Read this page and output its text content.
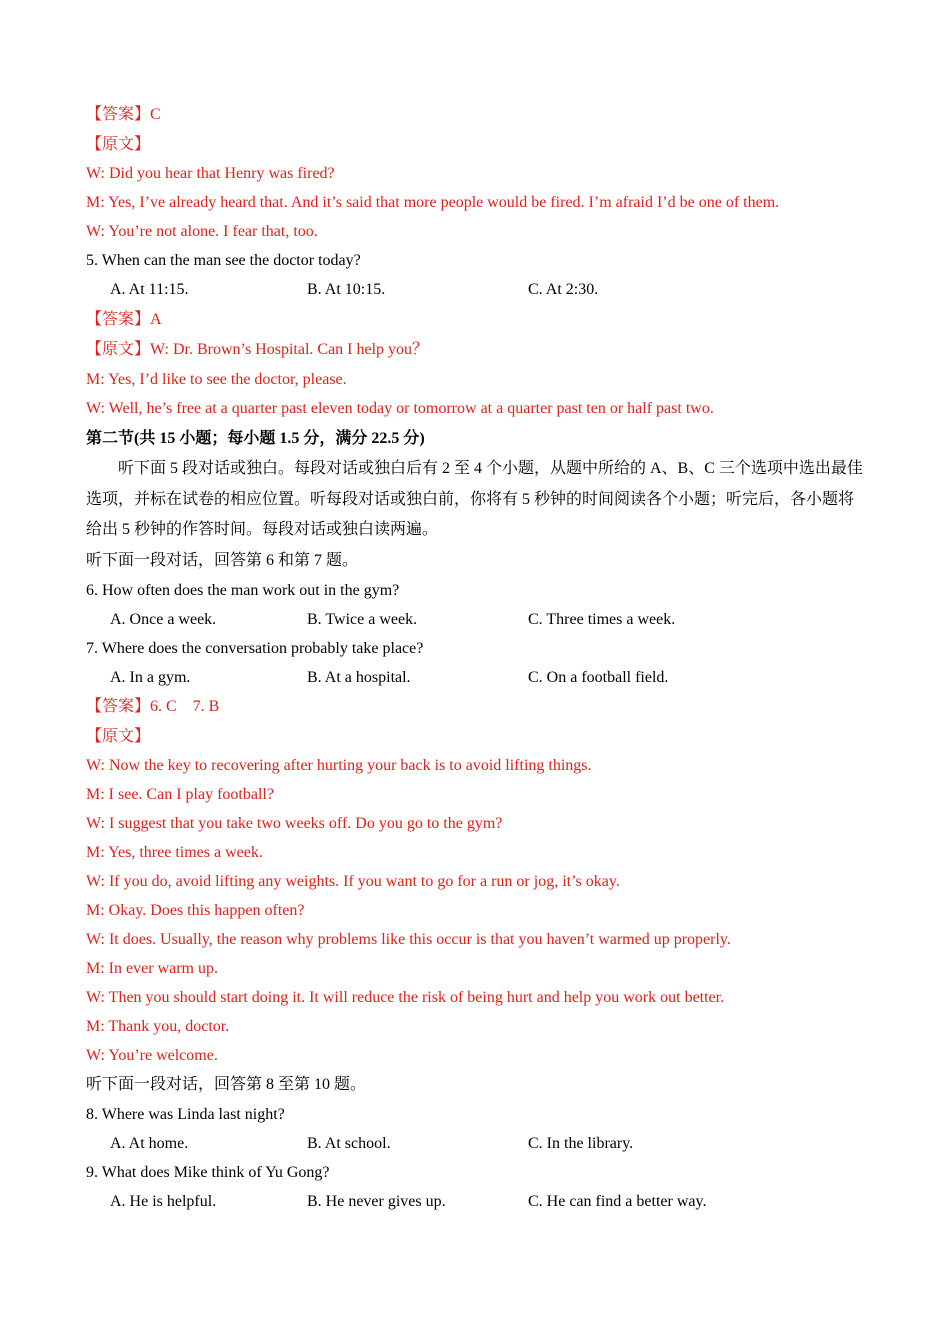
【答案】C
【原文】
W: Did you hear that Henry was fired?
M: Yes, I’ve already heard that. And it’s said that more people would be fired. I’m afraid I’d be one of them.
W: You’re not alone. I fear that, too.
5. When can the man see the doctor today?
A. At 11:15.	B. At 10:15.	C. At 2:30.
【答案】A
【原文】W: Dr. Brown’s Hospital. Can I help you？
M: Yes, I’d like to see the doctor, please.
W: Well, he’s free at a quarter past eleven today or tomorrow at a quarter past ten or half past two.
第二节(共 15 小题；每小题 1.5 分，满分 22.5 分)
听下面 5 段对话或独白。每段对话或独白后有 2 至 4 个小题，从题中所给的 A、B、C 三个选项中选出最佳选项，并标在试卷的相应位置。听每段对话或独白前，你将有 5 秒钟的时间阅读各个小题；听完后，各小题将给出 5 秒钟的作答时间。每段对话或独白读两遍。
听下面一段对话，回答第 6 和第 7 题。
6. How often does the man work out in the gym?
A. Once a week.	B. Twice a week.	C. Three times a week.
7. Where does the conversation probably take place?
A. In a gym.	B. At a hospital.	C. On a football field.
【答案】6. C    7. B
【原文】
W: Now the key to recovering after hurting your back is to avoid lifting things.
M: I see. Can I play football?
W: I suggest that you take two weeks off. Do you go to the gym?
M: Yes, three times a week.
W: If you do, avoid lifting any weights. If you want to go for a run or jog, it’s okay.
M: Okay. Does this happen often?
W: It does. Usually, the reason why problems like this occur is that you haven’t warmed up properly.
M: In ever warm up.
W: Then you should start doing it. It will reduce the risk of being hurt and help you work out better.
M: Thank you, doctor.
W: You’re welcome.
听下面一段对话，回答第 8 至第 10 题。
8. Where was Linda last night?
A. At home.	B. At school.	C. In the library.
9. What does Mike think of Yu Gong?
A. He is helpful.	B. He never gives up.	C. He can find a better way.
